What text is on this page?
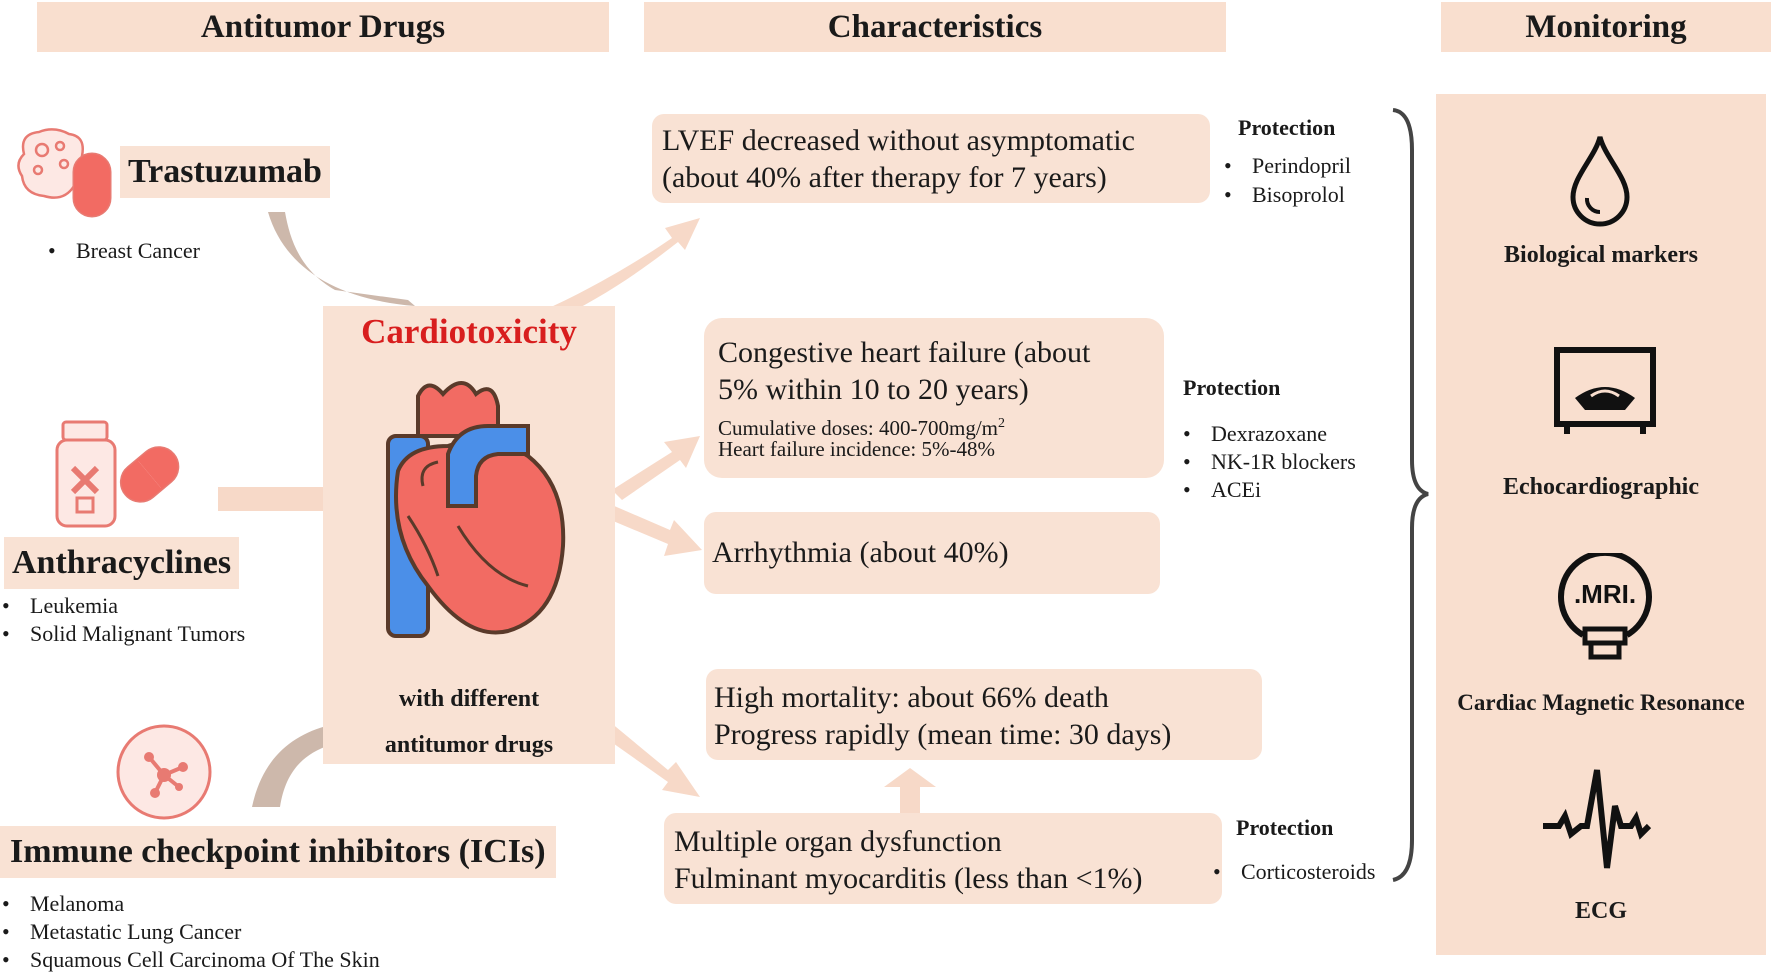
Antitumor Drugs	Characteristics	Monitoring
Trastuzumab
• Breast Cancer
Anthracyclines
• Leukemia
• Solid Malignant Tumors
Immune checkpoint inhibitors (ICIs)
• Melanoma
• Metastatic Lung Cancer
• Squamous Cell Carcinoma Of The Skin
Cardiotoxicity
with different
antitumor drugs
LVEF decreased without asymptomatic
(about 40% after therapy for 7 years)
Congestive heart failure (about
5% within 10 to 20 years)
Cumulative doses: $400-700mg/m^2$
Heart failure incidence: 5%-48%
Arrhythmia (about 40%)
High mortality: about 66% death
Progress rapidly (mean time: 30 days)
Multiple organ dysfunction
Fulminant myocarditis (less than <1%)
Protection
• Perindopril
• Bisoprolol
Protection
• Dexrazoxane
• NK-1R blockers
• ACEi
Protection
• Corticosteroids
Biological markers
Echocardiographic
.MRI.
Cardiac Magnetic Resonance
ECG
